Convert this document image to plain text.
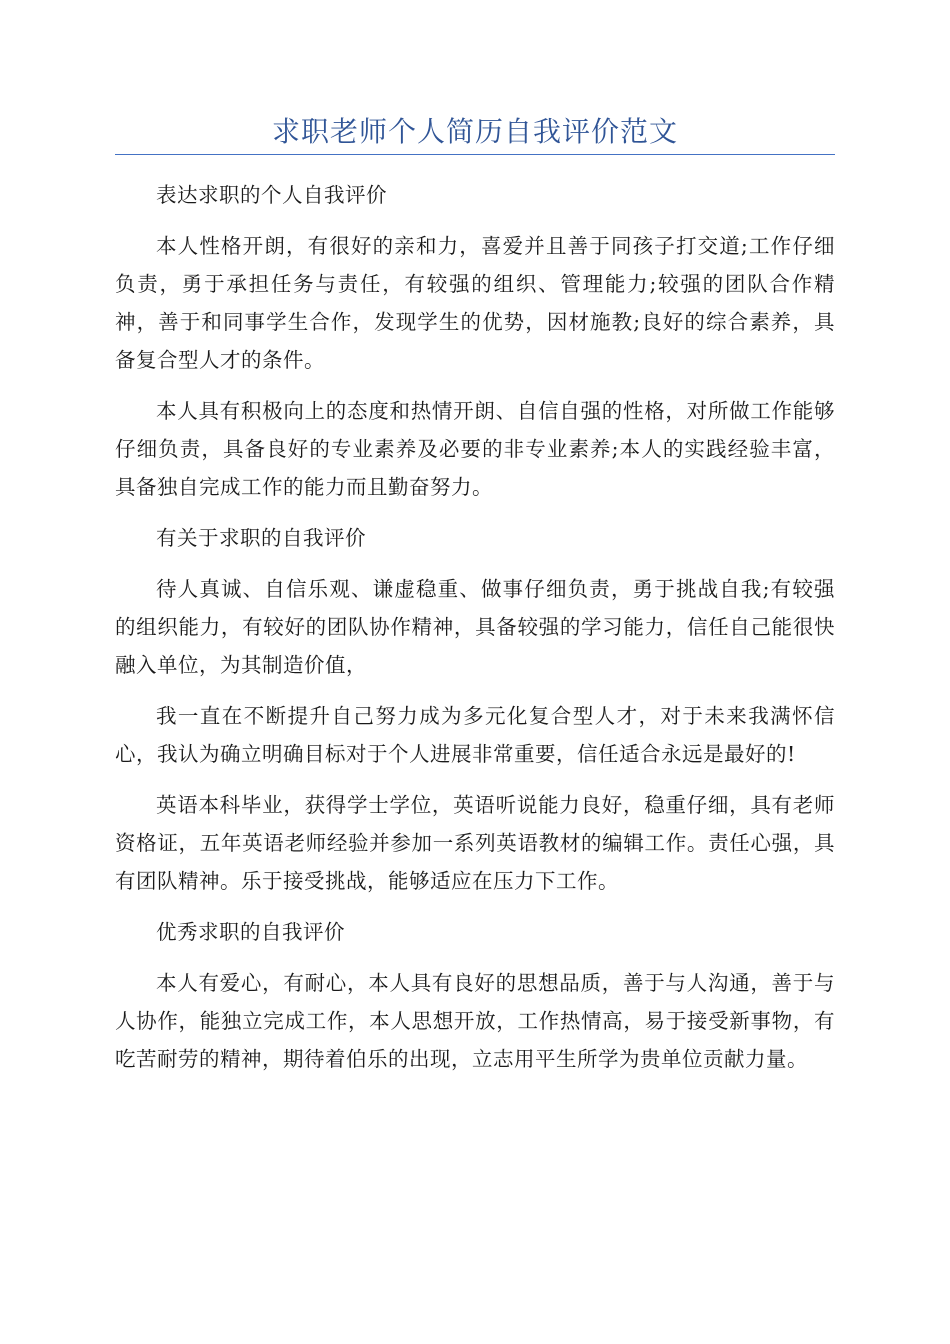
求职老师个人简历自我评价范文

表达求职的个人自我评价

本人性格开朗，有很好的亲和力，喜爱并且善于同孩子打交道;工作仔细负责，勇于承担任务与责任，有较强的组织、管理能力;较强的团队合作精神，善于和同事学生合作，发现学生的优势，因材施教;良好的综合素养，具备复合型人才的条件。

本人具有积极向上的态度和热情开朗、自信自强的性格，对所做工作能够仔细负责，具备良好的专业素养及必要的非专业素养;本人的实践经验丰富，具备独自完成工作的能力而且勤奋努力。

有关于求职的自我评价

待人真诚、自信乐观、谦虚稳重、做事仔细负责，勇于挑战自我;有较强的组织能力，有较好的团队协作精神，具备较强的学习能力，信任自己能很快融入单位，为其制造价值，

我一直在不断提升自己努力成为多元化复合型人才，对于未来我满怀信心，我认为确立明确目标对于个人进展非常重要，信任适合永远是最好的!

英语本科毕业，获得学士学位，英语听说能力良好，稳重仔细，具有老师资格证，五年英语老师经验并参加一系列英语教材的编辑工作。责任心强，具有团队精神。乐于接受挑战，能够适应在压力下工作。

优秀求职的自我评价

本人有爱心，有耐心，本人具有良好的思想品质，善于与人沟通，善于与人协作，能独立完成工作，本人思想开放，工作热情高，易于接受新事物，有吃苦耐劳的精神，期待着伯乐的出现，立志用平生所学为贵单位贡献力量。
